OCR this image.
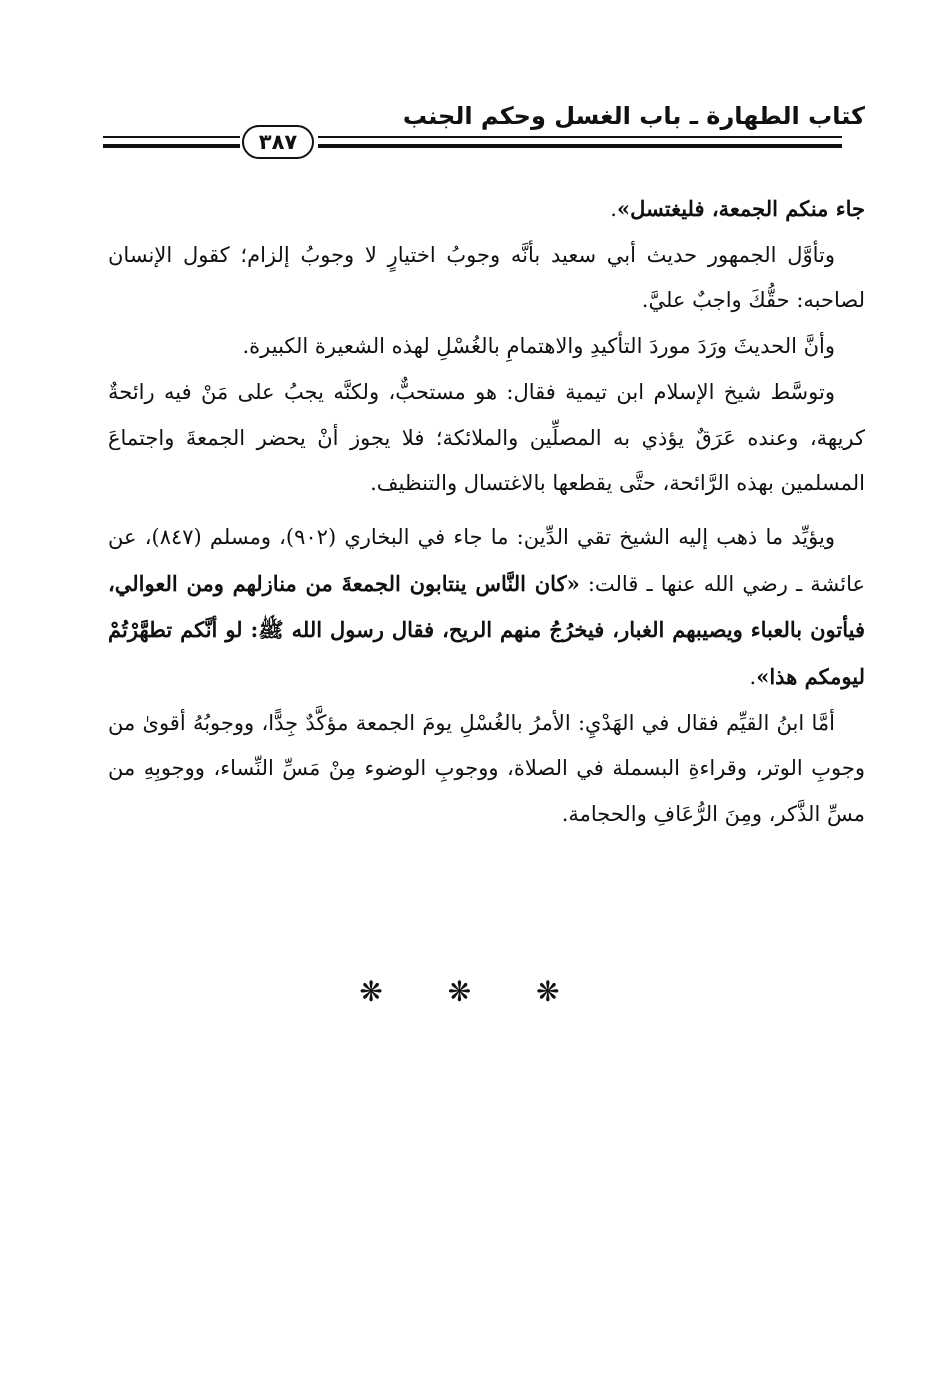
كتاب الطهارة ـ باب الغسل وحكم الجنب
٣٨٧

جاء منكم الجمعة، فليغتسل».

وتأوَّل الجمهور حديث أبي سعيد بأنَّه وجوبُ اختيارٍ لا وجوبُ إلزام؛ كقول الإنسان لصاحبه: حقُّكَ واجبٌ عليَّ.

وأنَّ الحديثَ ورَدَ موردَ التأكيدِ والاهتمامِ بالغُسْلِ لهذه الشعيرة الكبيرة.

وتوسَّط شيخ الإسلام ابن تيمية فقال: هو مستحبٌّ، ولكنَّه يجبُ على مَنْ فيه رائحةٌ كريهة، وعنده عَرَقٌ يؤذي به المصلِّين والملائكة؛ فلا يجوز أنْ يحضر الجمعةَ واجتماعَ المسلمين بهذه الرَّائحة، حتَّى يقطعها بالاغتسال والتنظيف.

ويؤيِّد ما ذهب إليه الشيخ تقي الدِّين: ما جاء في البخاري (٩٠٢)، ومسلم (٨٤٧)، عن عائشة ـ رضي الله عنها ـ قالت: «كان النَّاس ينتابون الجمعةَ من منازلهم ومن العوالي، فيأتون بالعباء ويصيبهم الغبار، فيخرُجُ منهم الريح، فقال رسول الله ﷺ: لو أنَّكم تطهَّرْتُمْ ليومكم هذا».

أمَّا ابنُ القيِّم فقال في الهَدْيِ: الأمرُ بالغُسْلِ يومَ الجمعة مؤكَّدٌ جِدًّا، ووجوبُهُ أقوىٰ من وجوبِ الوتر، وقراءةِ البسملة في الصلاة، ووجوبِ الوضوء مِنْ مَسِّ النِّساء، ووجوبِهِ من مسِّ الذَّكر، ومِنَ الرُّعَافِ والحجامة.

❋ ❋ ❋
